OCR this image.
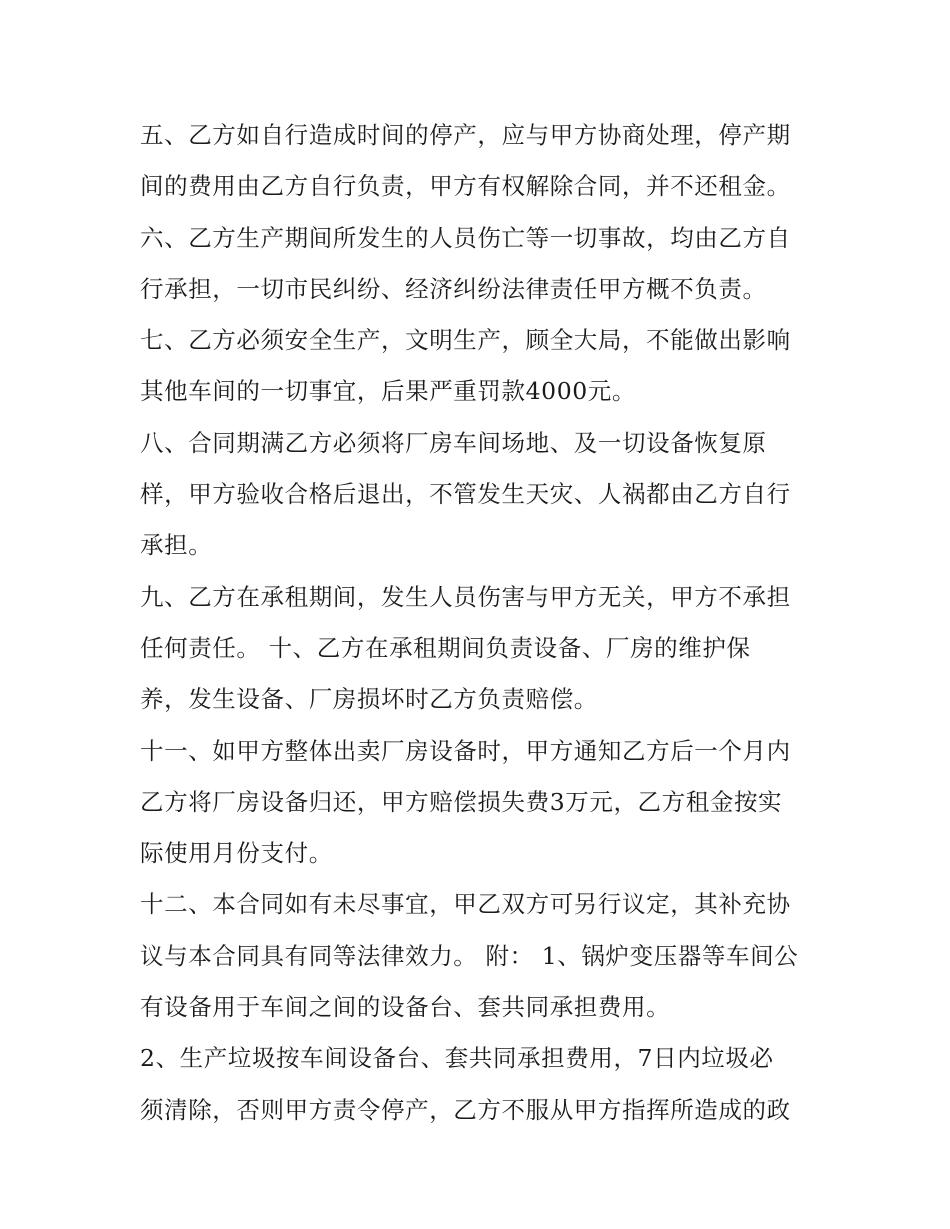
五、乙方如自行造成时间的停产，应与甲方协商处理，停产期
间的费用由乙方自行负责，甲方有权解除合同，并不还租金。
六、乙方生产期间所发生的人员伤亡等一切事故，均由乙方自
行承担，一切市民纠纷、经济纠纷法律责任甲方概不负责。
七、乙方必须安全生产，文明生产，顾全大局，不能做出影响
其他车间的一切事宜，后果严重罚款4000元。
八、合同期满乙方必须将厂房车间场地、及一切设备恢复原
样，甲方验收合格后退出，不管发生天灾、人祸都由乙方自行
承担。
九、乙方在承租期间，发生人员伤害与甲方无关，甲方不承担
任何责任。 十、乙方在承租期间负责设备、厂房的维护保
养，发生设备、厂房损坏时乙方负责赔偿。
十一、如甲方整体出卖厂房设备时，甲方通知乙方后一个月内
乙方将厂房设备归还，甲方赔偿损失费3万元，乙方租金按实
际使用月份支付。
十二、本合同如有未尽事宜，甲乙双方可另行议定，其补充协
议与本合同具有同等法律效力。 附： 1、锅炉变压器等车间公
有设备用于车间之间的设备台、套共同承担费用。
2、生产垃圾按车间设备台、套共同承担费用，7日内垃圾必
须清除，否则甲方责令停产，乙方不服从甲方指挥所造成的政
